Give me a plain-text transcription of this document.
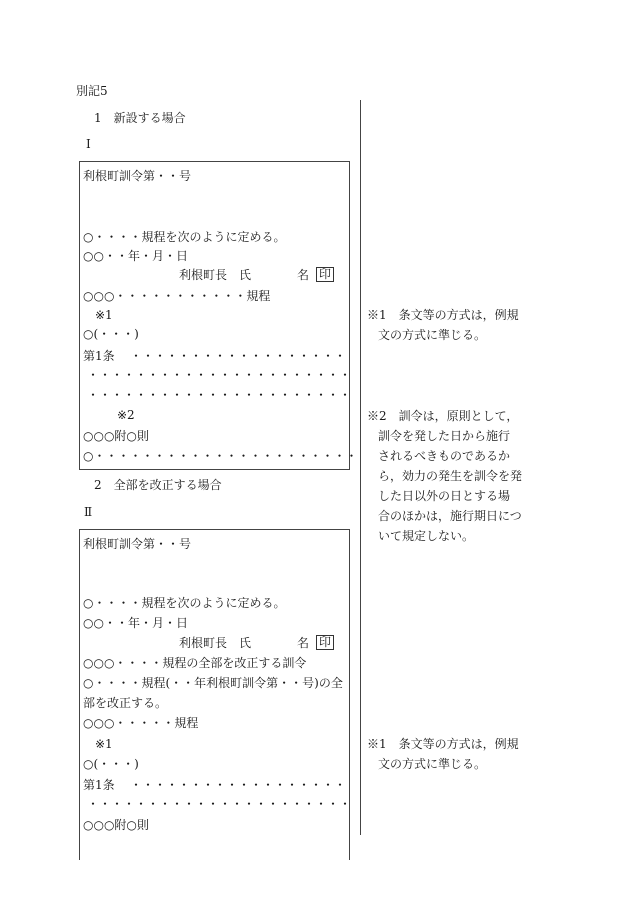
別記5
1　新設する場合
Ⅰ
利根町訓令第・・号
○・・・・規程を次のように定める。
○○・・年・月・日
利根町長　氏	名 印
○○○・・・・・・・・・・・規程
※1
○(・・・)
第1条 ・・・・・・・・・・・・・・・・・・
・・・・・・・・・・・・・・・・・・・・・・
・・・・・・・・・・・・・・・・・・・・・・
※2
○○○附○則
○・・・・・・・・・・・・・・・・・・・・・・
2　全部を改正する場合
Ⅱ
利根町訓令第・・号
○・・・・規程を次のように定める。
○○・・年・月・日
利根町長　氏	名 印
○○○・・・・規程の全部を改正する訓令
○・・・・規程(・・年利根町訓令第・・号)の全
部を改正する。
○○○・・・・・規程
※1
○(・・・)
第1条 ・・・・・・・・・・・・・・・・・・
・・・・・・・・・・・・・・・・・・・・・・
○○○附○則
※1　条文等の方式は，例規
文の方式に準じる。
※2　訓令は，原則として，
訓令を発した日から施行
されるべきものであるか
ら，効力の発生を訓令を発
した日以外の日とする場
合のほかは，施行期日につ
いて規定しない。
※1　条文等の方式は，例規
文の方式に準じる。
